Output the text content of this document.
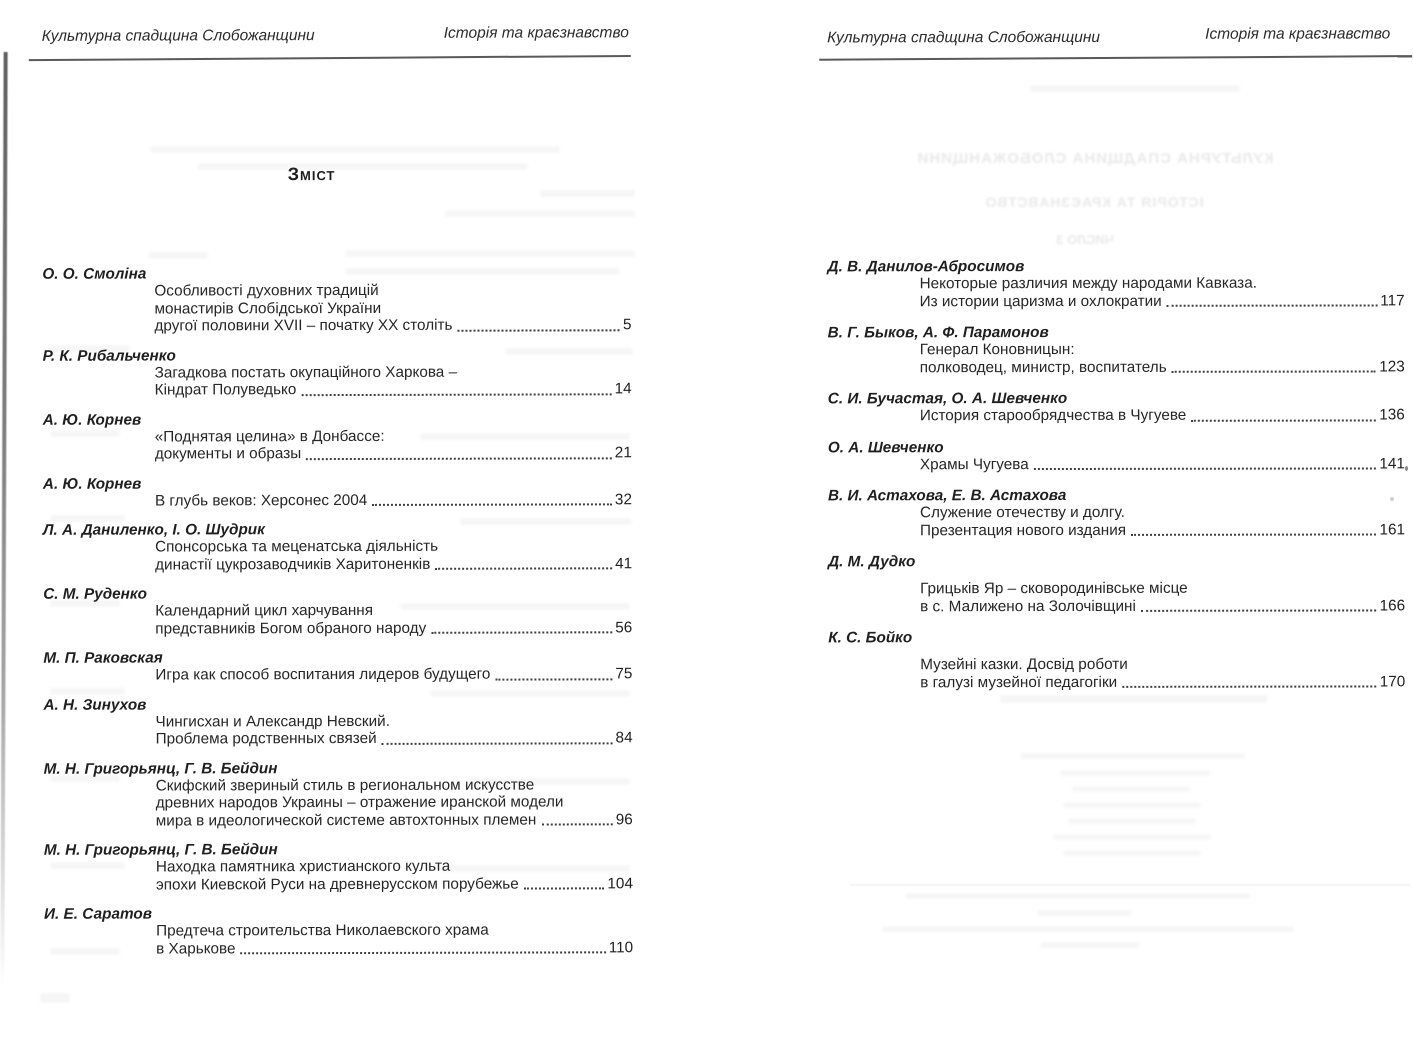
Культурна спадщина Слобожанщини	Історія та краєзнавство
Зміст
О. О. Смоліна
Особливості духовних традицій
монастирів Слобідської України
другої половини XVII – початку XX століть	5
Р. К. Рибальченко
Загадкова постать окупаційного Харкова –
Кіндрат Полуведько	14
А. Ю. Корнев
«Поднятая целина» в Донбассе:
документы и образы	21
А. Ю. Корнев
В глубь веков: Херсонес 2004	32
Л. А. Даниленко, І. О. Шудрик
Спонсорська та меценатська діяльність
династії цукрозаводчиків Харитоненків	41
С. М. Руденко
Календарний цикл харчування
представників Богом обраного народу	56
М. П. Раковская
Игра как способ воспитания лидеров будущего	75
А. Н. Зинухов
Чингисхан и Александр Невский.
Проблема родственных связей	84
М. Н. Григорьянц, Г. В. Бейдин
Скифский звериный стиль в региональном искусстве
древних народов Украины – отражение иранской модели
мира в идеологической системе автохтонных племен	96
М. Н. Григорьянц, Г. В. Бейдин
Находка памятника христианского культа
эпохи Киевской Руси на древнерусском порубежье	104
И. Е. Саратов
Предтеча строительства Николаевского храма
в Харькове	110
Культурна спадщина Слобожанщини	Історія та краєзнавство
Д. В. Данилов-Абросимов
Некоторые различия между народами Кавказа.
Из истории царизма и охлократии	117
В. Г. Быков, А. Ф. Парамонов
Генерал Коновницын:
полководец, министр, воспитатель	123
С. И. Бучастая, О. А. Шевченко
История старообрядчества в Чугуеве	136
О. А. Шевченко
Храмы Чугуева	141
В. И. Астахова, Е. В. Астахова
Служение отечеству и долгу.
Презентация нового издания	161
Д. М. Дудко
Грицьків Яр – сковородинівське місце
в с. Малижено на Золочівщині	166
К. С. Бойко
Музейні казки. Досвід роботи
в галузі музейної педагогіки	170
КУЛЬТУРНА СПАДЩИНА СЛОБОЖАНЩИНИ
ІСТОРІЯ ТА КРАЄЗНАВСТВО
ЧИСЛО 3
